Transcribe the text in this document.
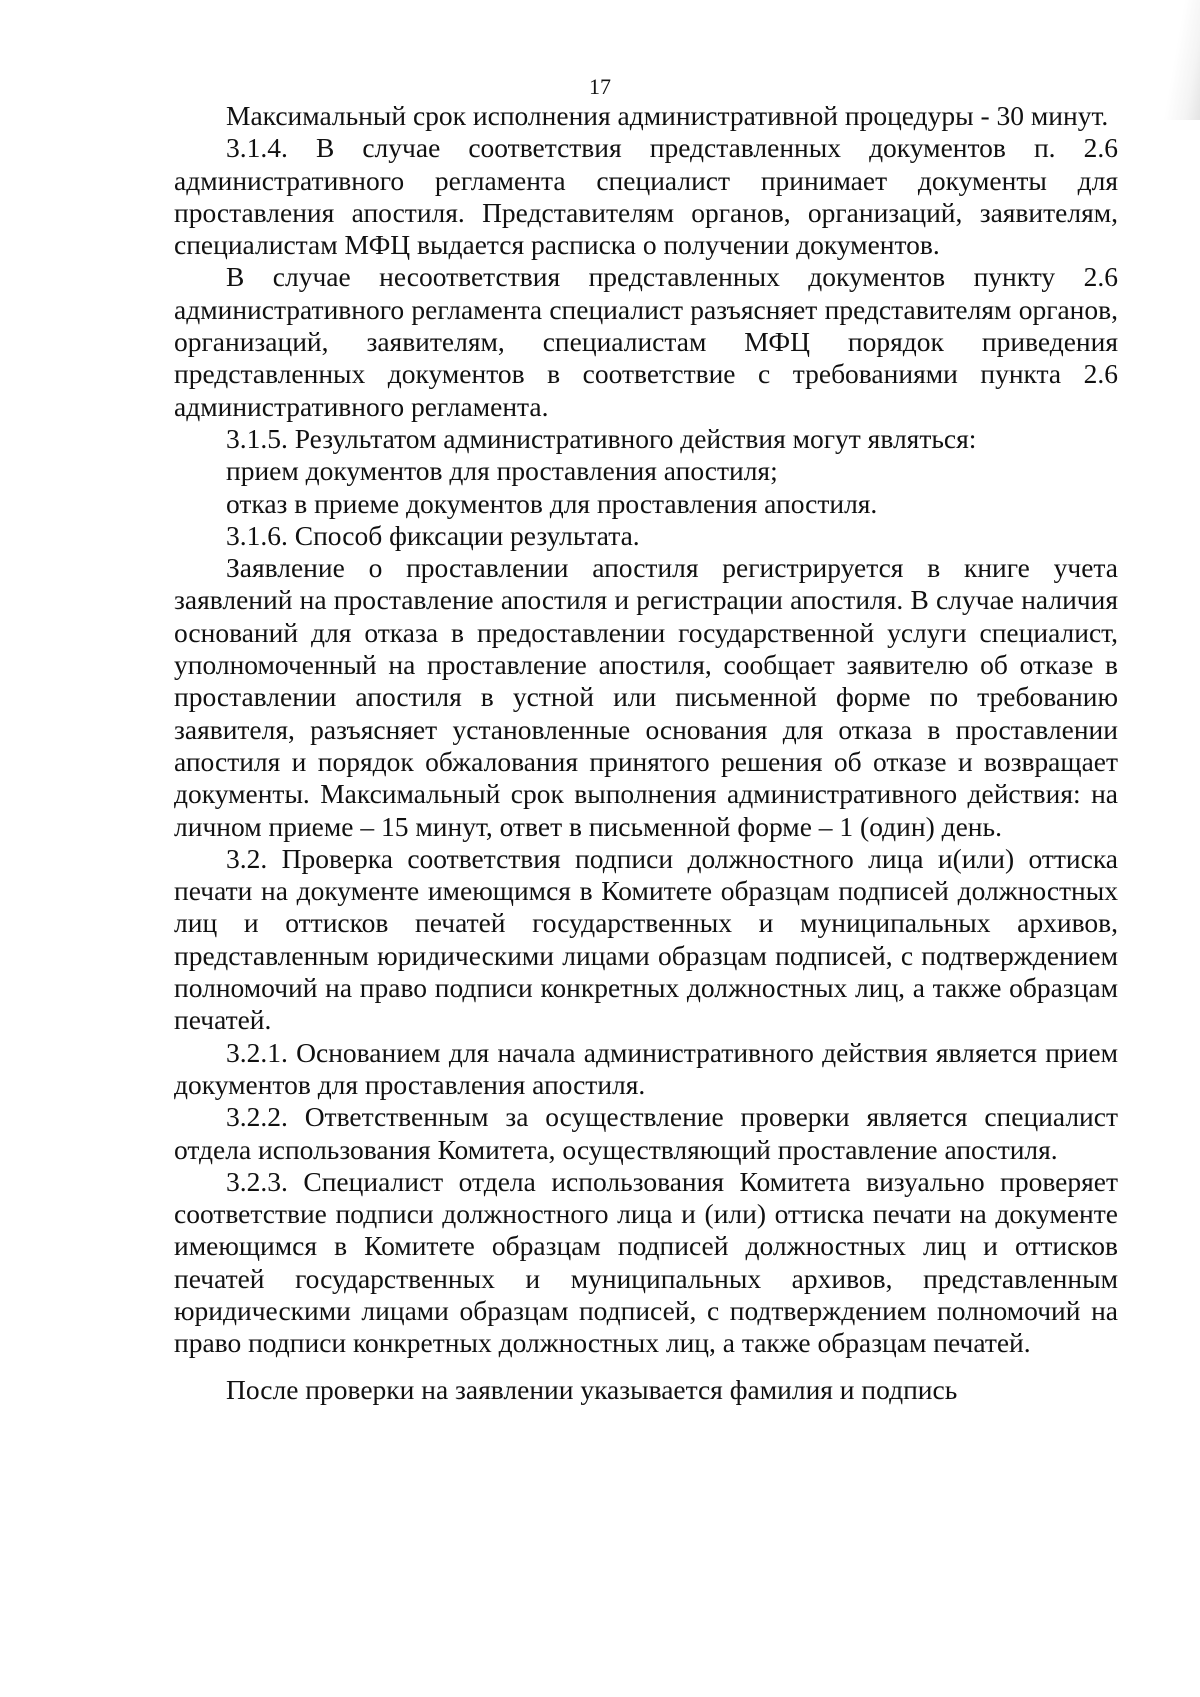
17

Максимальный срок исполнения административной процедуры - 30 минут.

3.1.4. В случае соответствия представленных документов п. 2.6 административного регламента специалист принимает документы для проставления апостиля. Представителям органов, организаций, заявителям, специалистам МФЦ выдается расписка о получении документов.

В случае несоответствия представленных документов пункту 2.6 административного регламента специалист разъясняет представителям органов, организаций, заявителям, специалистам МФЦ порядок приведения представленных документов в соответствие с требованиями пункта 2.6 административного регламента.

3.1.5. Результатом административного действия могут являться:

прием документов для проставления апостиля;

отказ в приеме документов для проставления апостиля.

3.1.6. Способ фиксации результата.

Заявление о проставлении апостиля регистрируется в книге учета заявлений на проставление апостиля и регистрации апостиля. В случае наличия оснований для отказа в предоставлении государственной услуги специалист, уполномоченный на проставление апостиля, сообщает заявителю об отказе в проставлении апостиля в устной или письменной форме по требованию заявителя, разъясняет установленные основания для отказа в проставлении апостиля и порядок обжалования принятого решения об отказе и возвращает документы. Максимальный срок выполнения административного действия: на личном приеме – 15 минут, ответ в письменной форме – 1 (один) день.

3.2. Проверка соответствия подписи должностного лица и(или) оттиска печати на документе имеющимся в Комитете образцам подписей должностных лиц и оттисков печатей государственных и муниципальных архивов, представленным юридическими лицами образцам подписей, с подтверждением полномочий на право подписи конкретных должностных лиц, а также образцам печатей.

3.2.1. Основанием для начала административного действия является прием документов для проставления апостиля.

3.2.2. Ответственным за осуществление проверки является специалист отдела использования Комитета, осуществляющий проставление апостиля.

3.2.3. Специалист отдела использования Комитета визуально проверяет соответствие подписи должностного лица и (или) оттиска печати на документе имеющимся в Комитете образцам подписей должностных лиц и оттисков печатей государственных и муниципальных архивов, представленным юридическими лицами образцам подписей, с подтверждением полномочий на право подписи конкретных должностных лиц, а также образцам печатей.

После проверки на заявлении указывается фамилия и подпись
